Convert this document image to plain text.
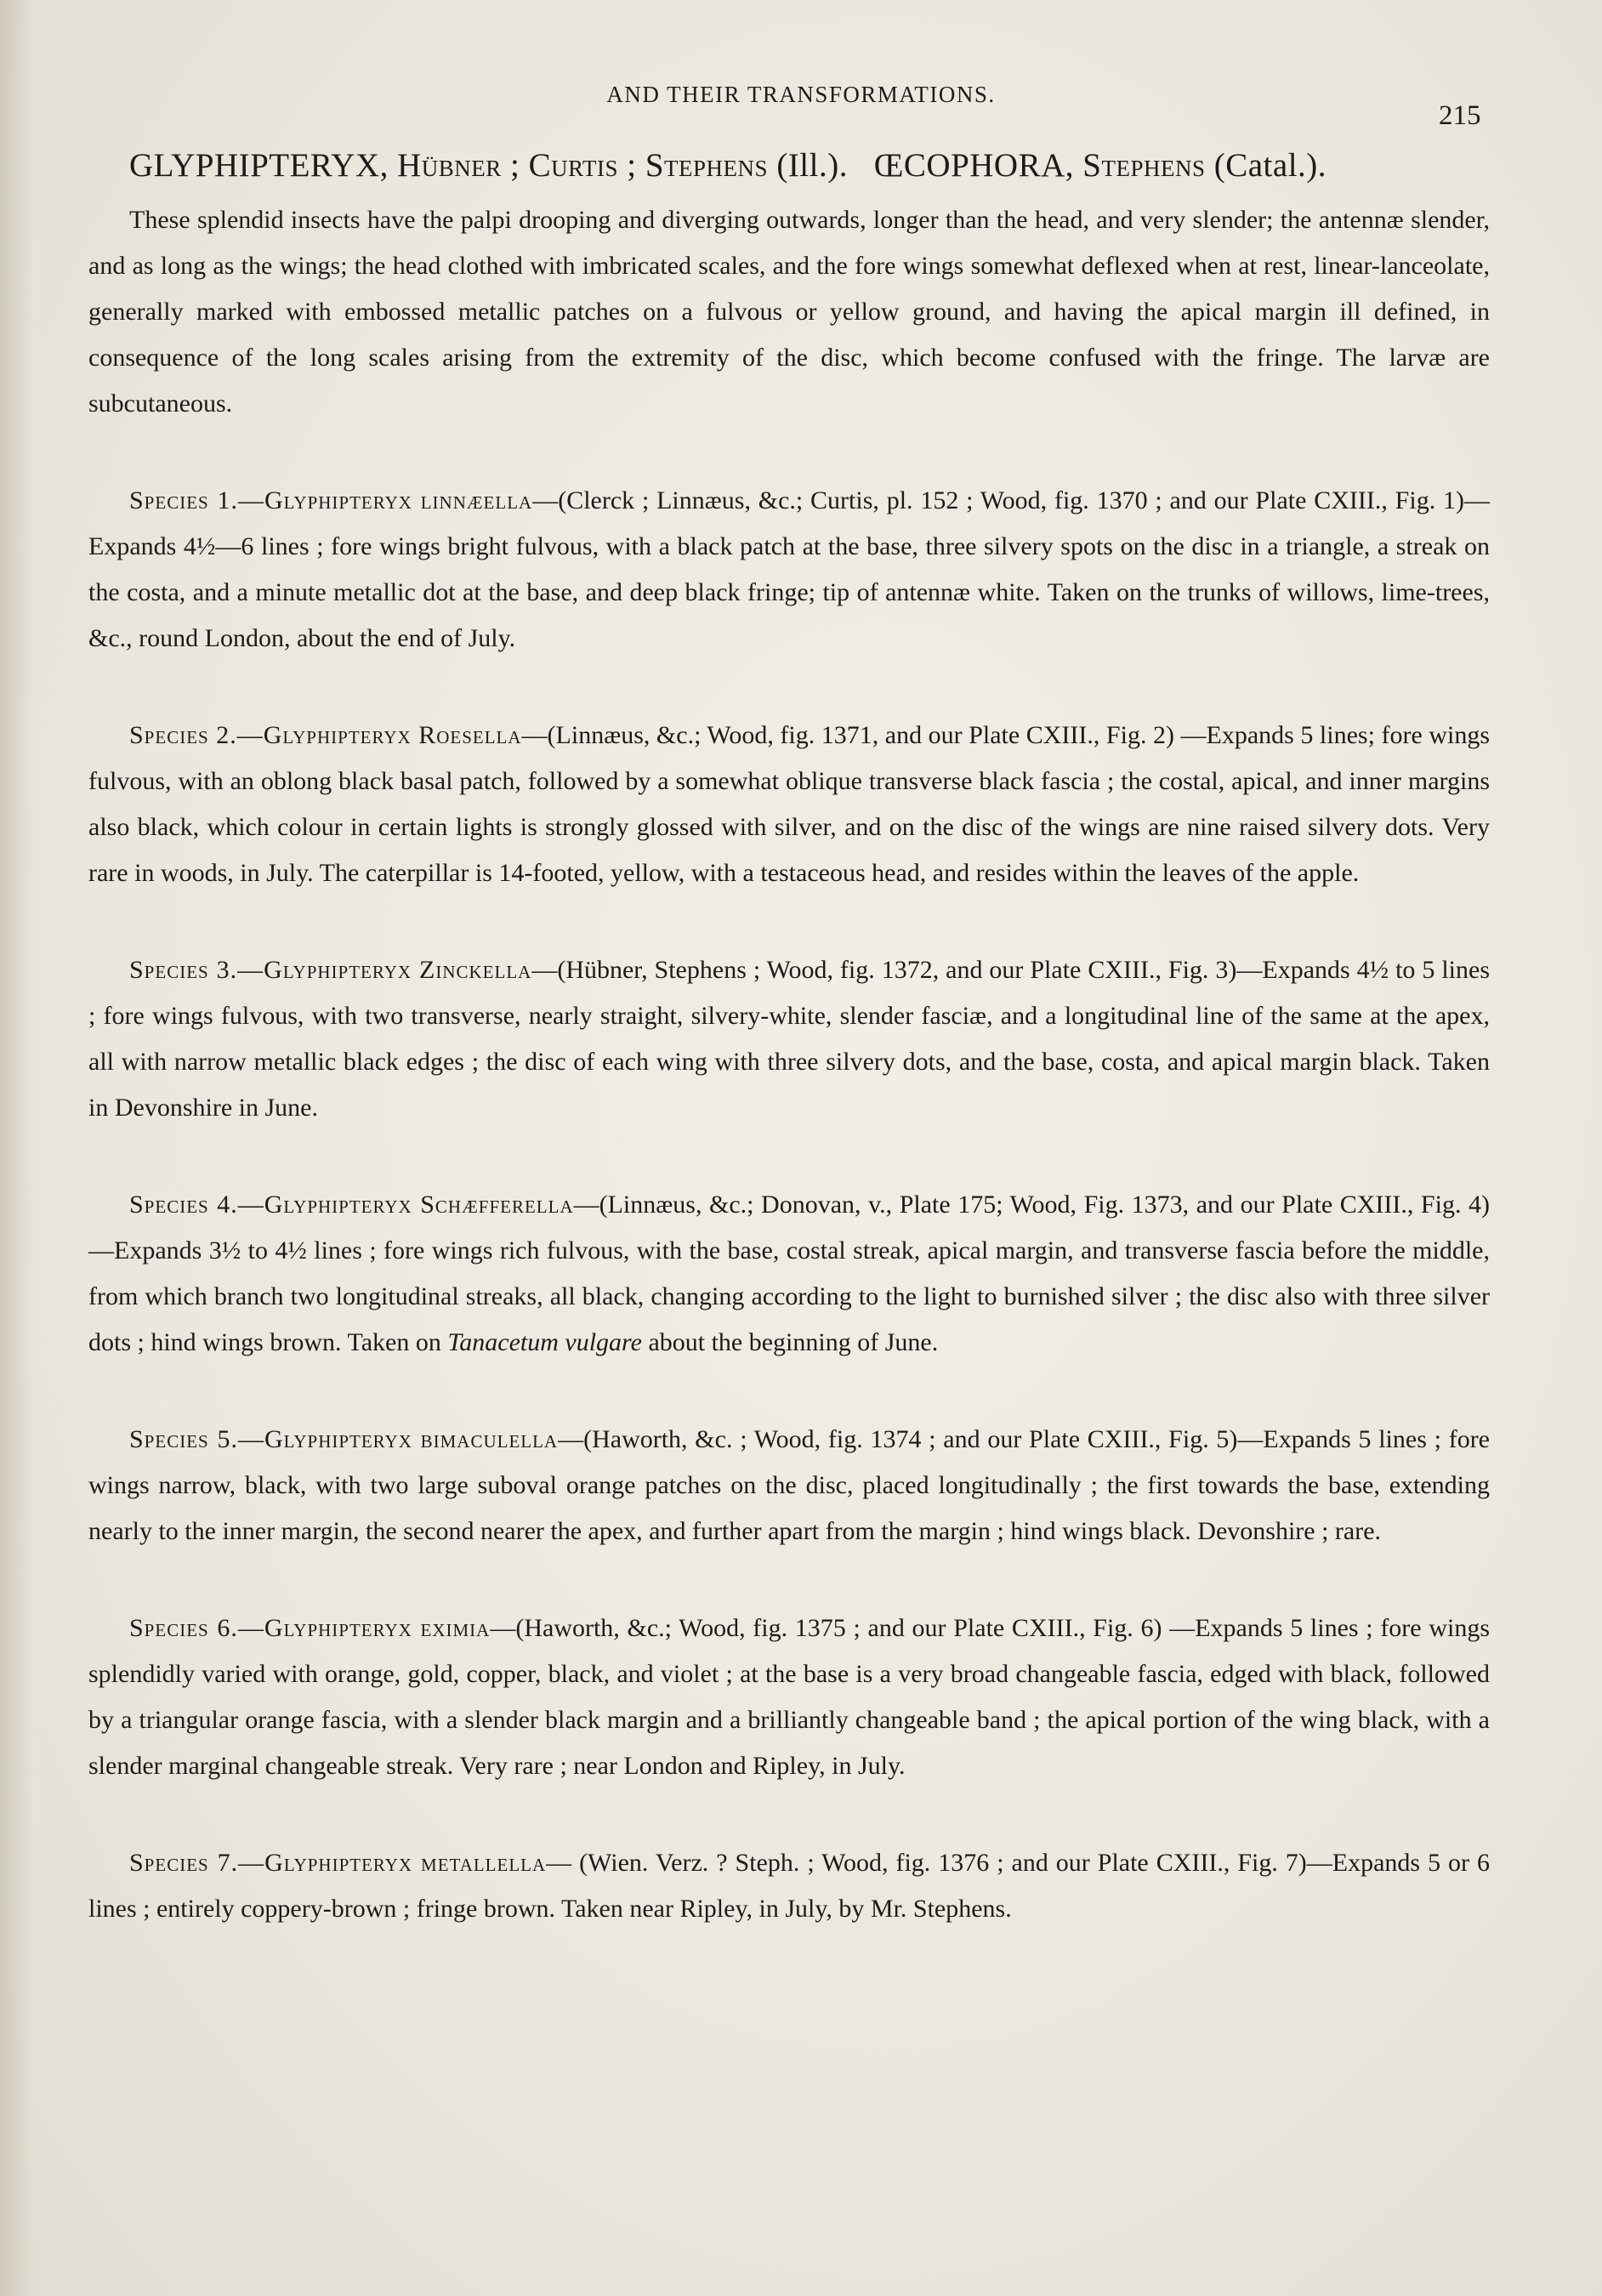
AND THEIR TRANSFORMATIONS.
215
GLYPHIPTERYX, Hübner ; Curtis ; Stephens (Ill.). ŒCOPHORA, Stephens (Catal.).

These splendid insects have the palpi drooping and diverging outwards, longer than the head, and very slender; the antennæ slender, and as long as the wings; the head clothed with imbricated scales, and the fore wings somewhat deflexed when at rest, linear-lanceolate, generally marked with embossed metallic patches on a fulvous or yellow ground, and having the apical margin ill defined, in consequence of the long scales arising from the extremity of the disc, which become confused with the fringe. The larvæ are subcutaneous.

Species 1.—Glyphipteryx linnæella—(Clerck ; Linnæus, &c.; Curtis, pl. 152 ; Wood, fig. 1370 ; and our Plate CXIII., Fig. 1)—Expands 4½—6 lines ; fore wings bright fulvous, with a black patch at the base, three silvery spots on the disc in a triangle, a streak on the costa, and a minute metallic dot at the base, and deep black fringe; tip of antennæ white. Taken on the trunks of willows, lime-trees, &c., round London, about the end of July.

Species 2.—Glyphipteryx Roesella—(Linnæus, &c.; Wood, fig. 1371, and our Plate CXIII., Fig. 2) —Expands 5 lines; fore wings fulvous, with an oblong black basal patch, followed by a somewhat oblique transverse black fascia ; the costal, apical, and inner margins also black, which colour in certain lights is strongly glossed with silver, and on the disc of the wings are nine raised silvery dots. Very rare in woods, in July. The caterpillar is 14-footed, yellow, with a testaceous head, and resides within the leaves of the apple.

Species 3.—Glyphipteryx Zinckella—(Hübner, Stephens ; Wood, fig. 1372, and our Plate CXIII., Fig. 3)—Expands 4½ to 5 lines ; fore wings fulvous, with two transverse, nearly straight, silvery-white, slender fasciæ, and a longitudinal line of the same at the apex, all with narrow metallic black edges ; the disc of each wing with three silvery dots, and the base, costa, and apical margin black. Taken in Devonshire in June.

Species 4.—Glyphipteryx Schæfferella—(Linnæus, &c.; Donovan, v., Plate 175; Wood, Fig. 1373, and our Plate CXIII., Fig. 4)—Expands 3½ to 4½ lines ; fore wings rich fulvous, with the base, costal streak, apical margin, and transverse fascia before the middle, from which branch two longitudinal streaks, all black, changing according to the light to burnished silver ; the disc also with three silver dots ; hind wings brown. Taken on Tanacetum vulgare about the beginning of June.

Species 5.—Glyphipteryx bimaculella—(Haworth, &c. ; Wood, fig. 1374 ; and our Plate CXIII., Fig. 5)—Expands 5 lines ; fore wings narrow, black, with two large suboval orange patches on the disc, placed longitudinally ; the first towards the base, extending nearly to the inner margin, the second nearer the apex, and further apart from the margin ; hind wings black. Devonshire ; rare.

Species 6.—Glyphipteryx eximia—(Haworth, &c.; Wood, fig. 1375 ; and our Plate CXIII., Fig. 6) —Expands 5 lines ; fore wings splendidly varied with orange, gold, copper, black, and violet ; at the base is a very broad changeable fascia, edged with black, followed by a triangular orange fascia, with a slender black margin and a brilliantly changeable band ; the apical portion of the wing black, with a slender marginal changeable streak. Very rare ; near London and Ripley, in July.

Species 7.—Glyphipteryx metallella— (Wien. Verz. ? Steph. ; Wood, fig. 1376 ; and our Plate CXIII., Fig. 7)—Expands 5 or 6 lines ; entirely coppery-brown ; fringe brown. Taken near Ripley, in July, by Mr. Stephens.
